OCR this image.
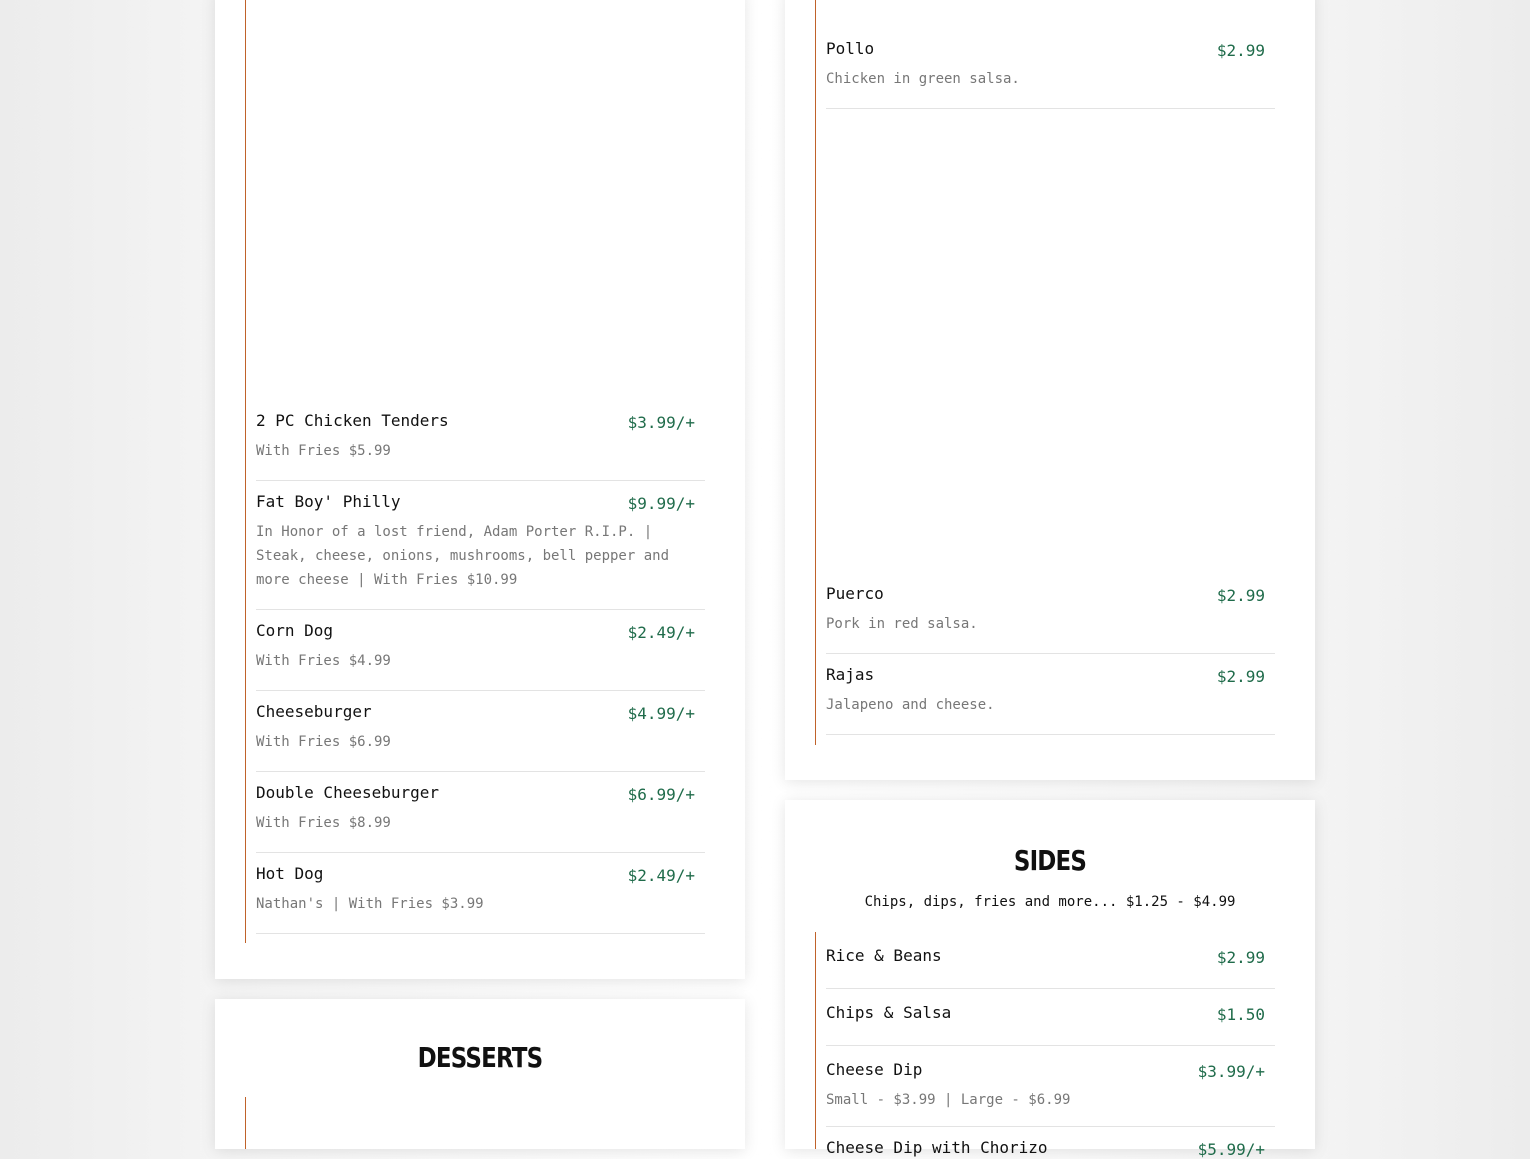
2 PC Chicken Tenders	$3.99/+
With Fries $5.99
Fat Boy' Philly	$9.99/+
In Honor of a lost friend, Adam Porter R.I.P. | Steak, cheese, onions, mushrooms, bell pepper and more cheese | With Fries $10.99
Corn Dog	$2.49/+
With Fries $4.99
Cheeseburger	$4.99/+
With Fries $6.99
Double Cheeseburger	$6.99/+
With Fries $8.99
Hot Dog	$2.49/+
Nathan's | With Fries $3.99
DESSERTS
Pollo	$2.99
Chicken in green salsa.
Puerco	$2.99
Pork in red salsa.
Rajas	$2.99
Jalapeno and cheese.
SIDES
Chips, dips, fries and more... $1.25 - $4.99
Rice & Beans	$2.99
Chips & Salsa	$1.50
Cheese Dip	$3.99/+
Small - $3.99 | Large - $6.99
Cheese Dip with Chorizo	$5.99/+
